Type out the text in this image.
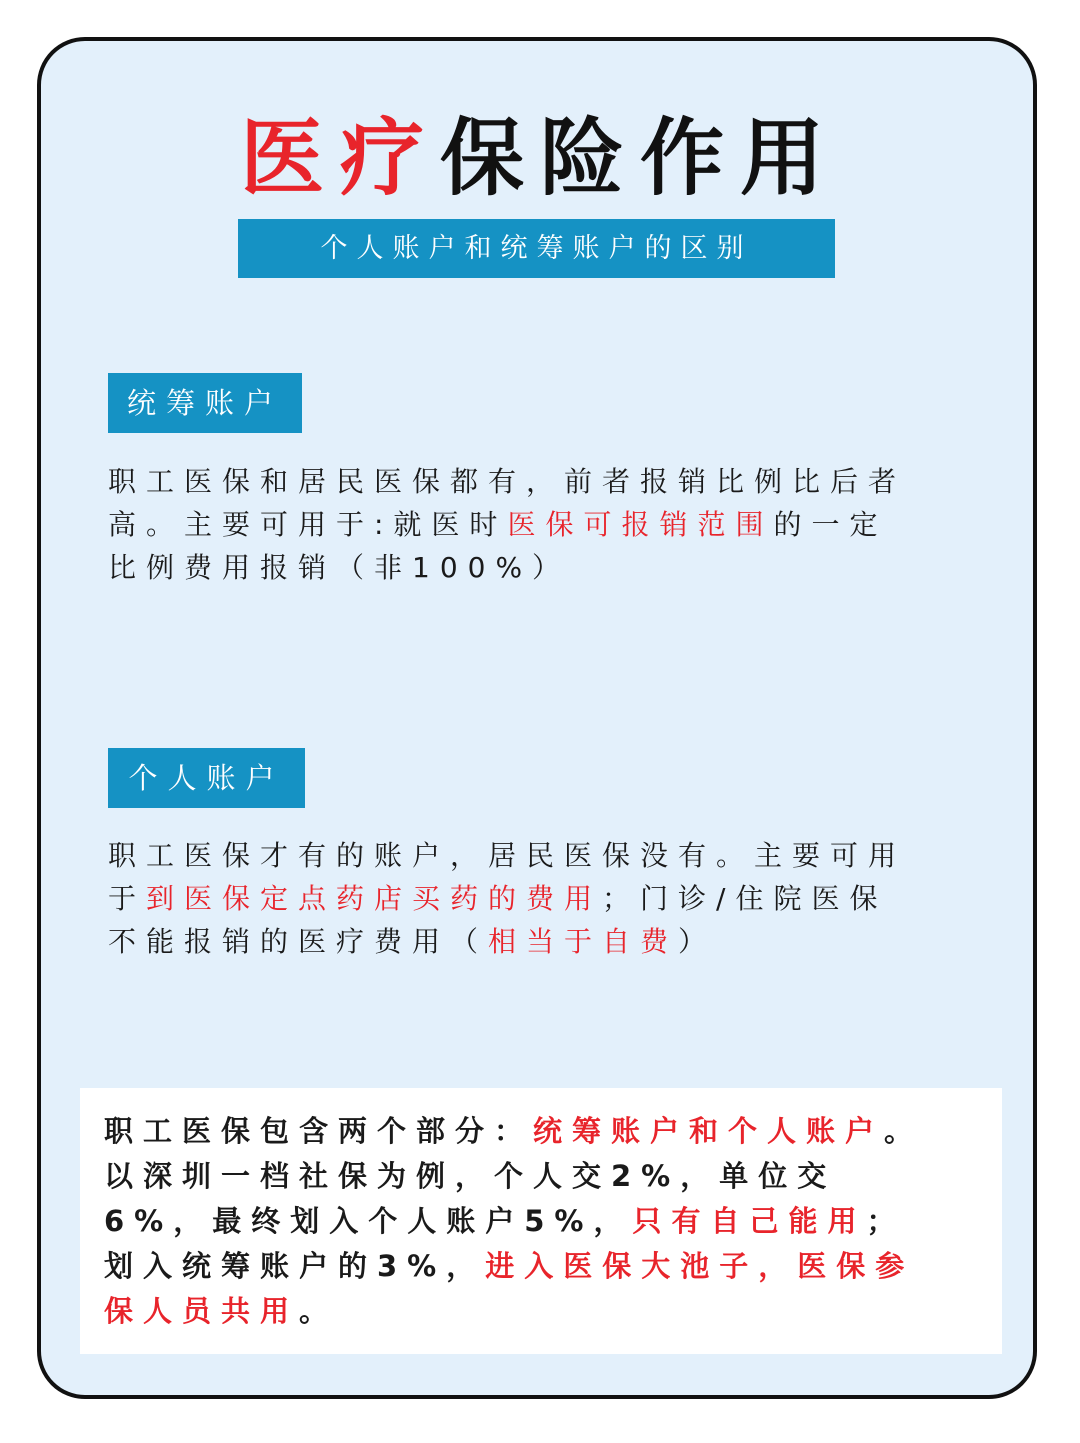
医疗保险作用
个人账户和统筹账户的区别
统筹账户
职工医保和居民医保都有，前者报销比例比后者
高。主要可用于:就医时医保可报销范围的一定
比例费用报销（非100%）
个人账户
职工医保才有的账户，居民医保没有。主要可用
于到医保定点药店买药的费用；门诊/住院医保
不能报销的医疗费用（相当于自费）
职工医保包含两个部分：统筹账户和个人账户。
以深圳一档社保为例，个人交2%，单位交
6%，最终划入个人账户5%，只有自己能用；
划入统筹账户的3%，进入医保大池子，医保参
保人员共用。
